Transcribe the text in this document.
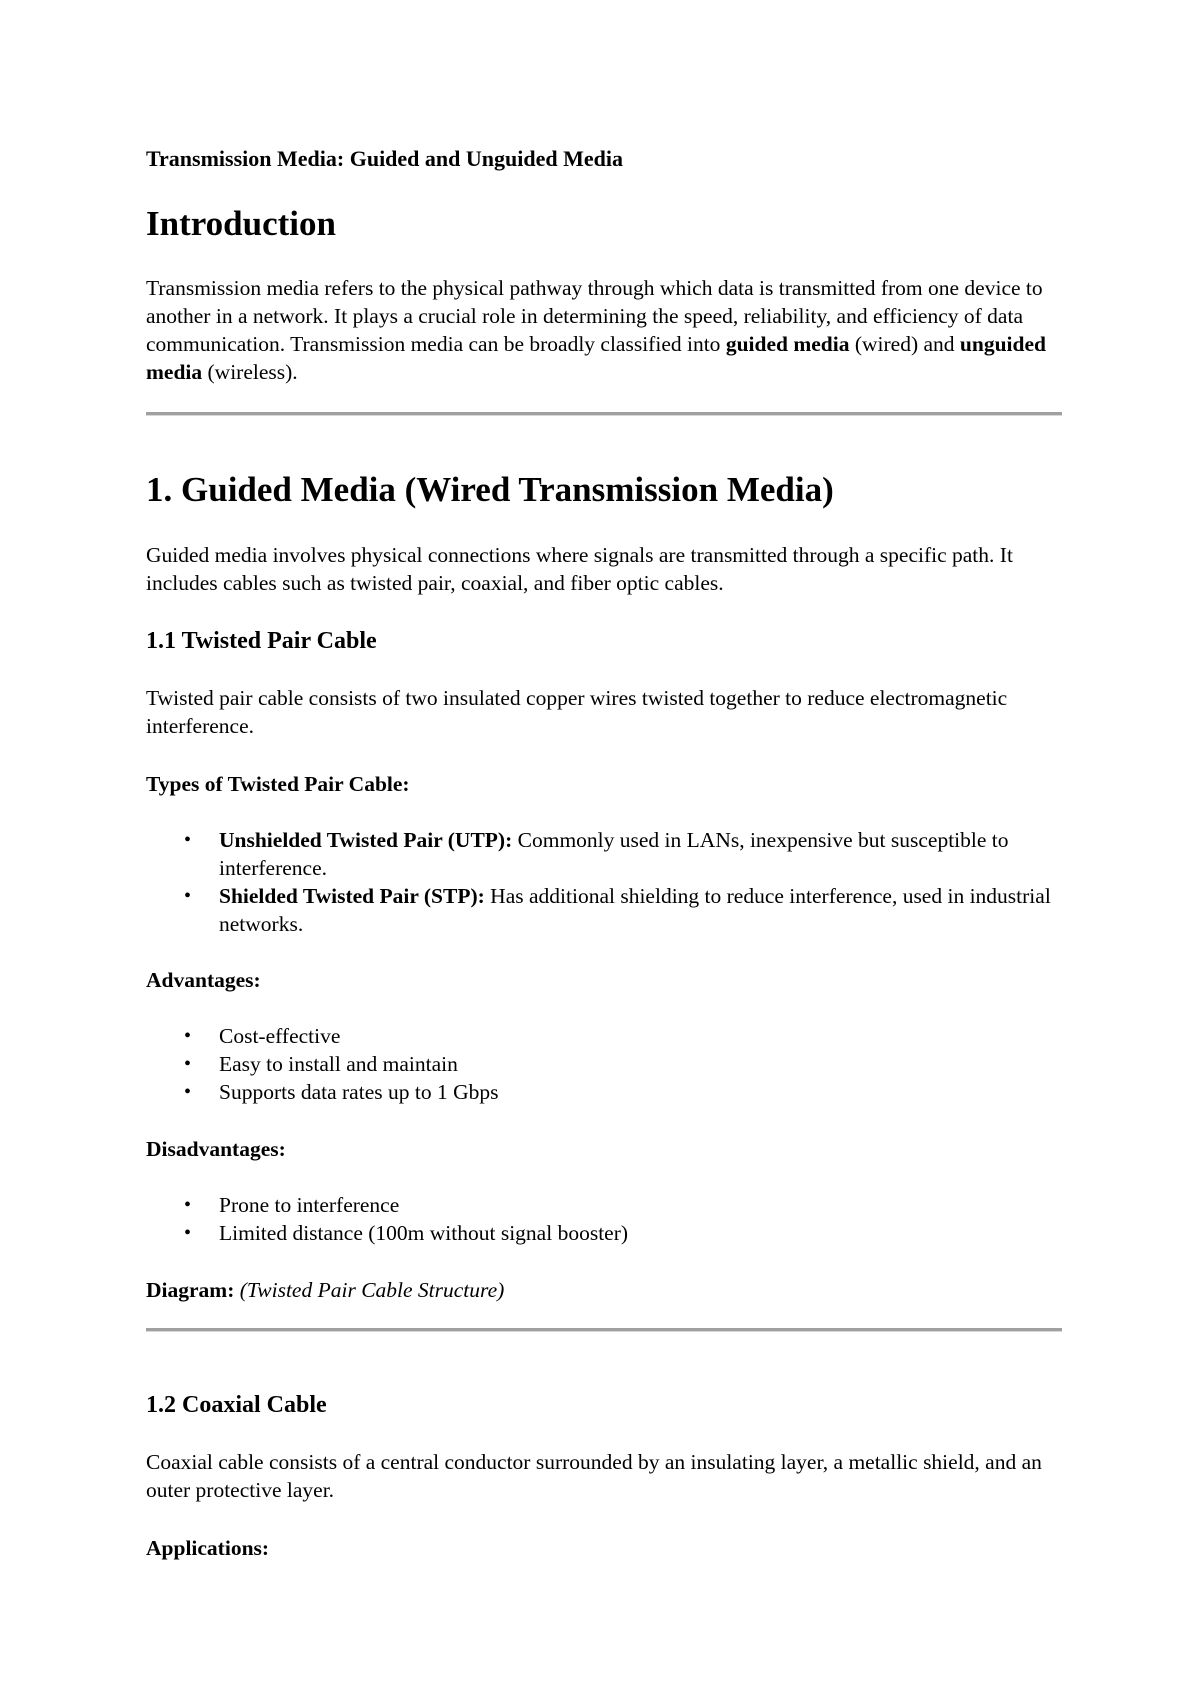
Transmission Media: Guided and Unguided Media
Introduction

Transmission media refers to the physical pathway through which data is transmitted from one device to another in a network. It plays a crucial role in determining the speed, reliability, and efficiency of data communication. Transmission media can be broadly classified into guided media (wired) and unguided media (wireless).

1. Guided Media (Wired Transmission Media)

Guided media involves physical connections where signals are transmitted through a specific path. It includes cables such as twisted pair, coaxial, and fiber optic cables.

1.1 Twisted Pair Cable

Twisted pair cable consists of two insulated copper wires twisted together to reduce electromagnetic interference.

Types of Twisted Pair Cable:
• Unshielded Twisted Pair (UTP): Commonly used in LANs, inexpensive but susceptible to interference.
• Shielded Twisted Pair (STP): Has additional shielding to reduce interference, used in industrial networks.
Advantages:
• Cost-effective
• Easy to install and maintain
• Supports data rates up to 1 Gbps
Disadvantages:
• Prone to interference
• Limited distance (100m without signal booster)
Diagram: (Twisted Pair Cable Structure)
1.2 Coaxial Cable

Coaxial cable consists of a central conductor surrounded by an insulating layer, a metallic shield, and an outer protective layer.

Applications:
